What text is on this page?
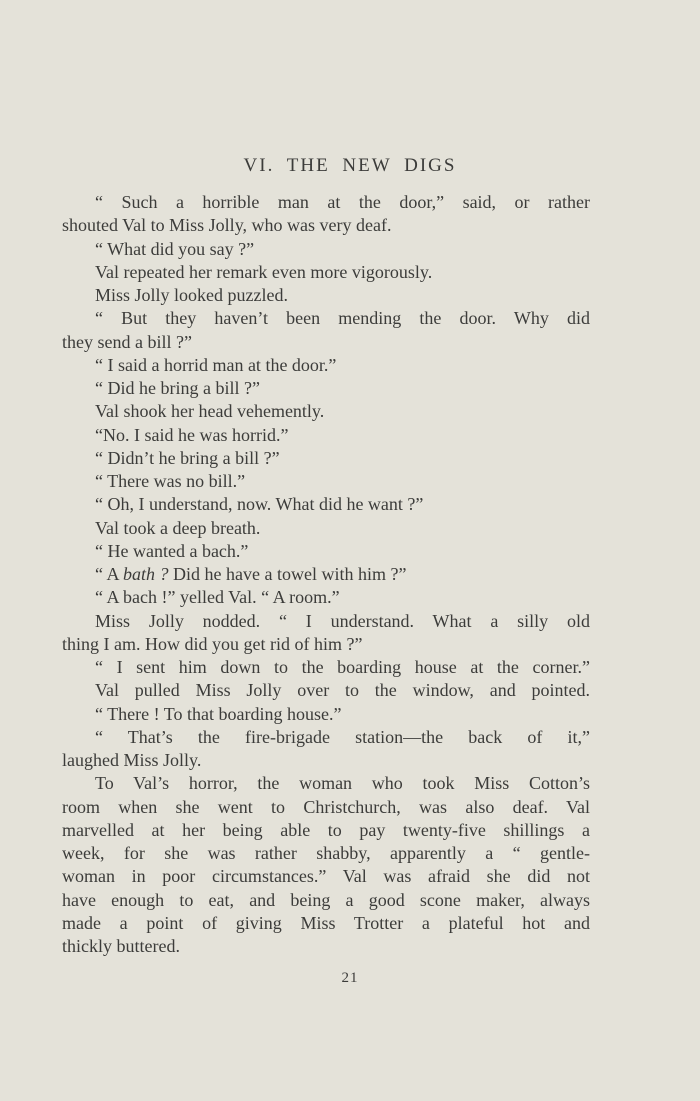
VI. THE NEW DIGS
“ Such a horrible man at the door,” said, or rather
shouted Val to Miss Jolly, who was very deaf.
“ What did you say ?”
Val repeated her remark even more vigorously.
Miss Jolly looked puzzled.
“ But they haven’t been mending the door. Why did
they send a bill ?”
“ I said a horrid man at the door.”
“ Did he bring a bill ?”
Val shook her head vehemently.
“No. I said he was horrid.”
“ Didn’t he bring a bill ?”
“ There was no bill.”
“ Oh, I understand, now. What did he want ?”
Val took a deep breath.
“ He wanted a bach.”
“ A bath ? Did he have a towel with him ?”
“ A bach !” yelled Val. “ A room.”
Miss Jolly nodded. “ I understand. What a silly old
thing I am. How did you get rid of him ?”
“ I sent him down to the boarding house at the corner.”
Val pulled Miss Jolly over to the window, and pointed.
“ There ! To that boarding house.”
“ That’s the fire-brigade station—the back of it,”
laughed Miss Jolly.
To Val’s horror, the woman who took Miss Cotton’s
room when she went to Christchurch, was also deaf. Val
marvelled at her being able to pay twenty-five shillings a
week, for she was rather shabby, apparently a “ gentle-
woman in poor circumstances.” Val was afraid she did not
have enough to eat, and being a good scone maker, always
made a point of giving Miss Trotter a plateful hot and
thickly buttered.
21
